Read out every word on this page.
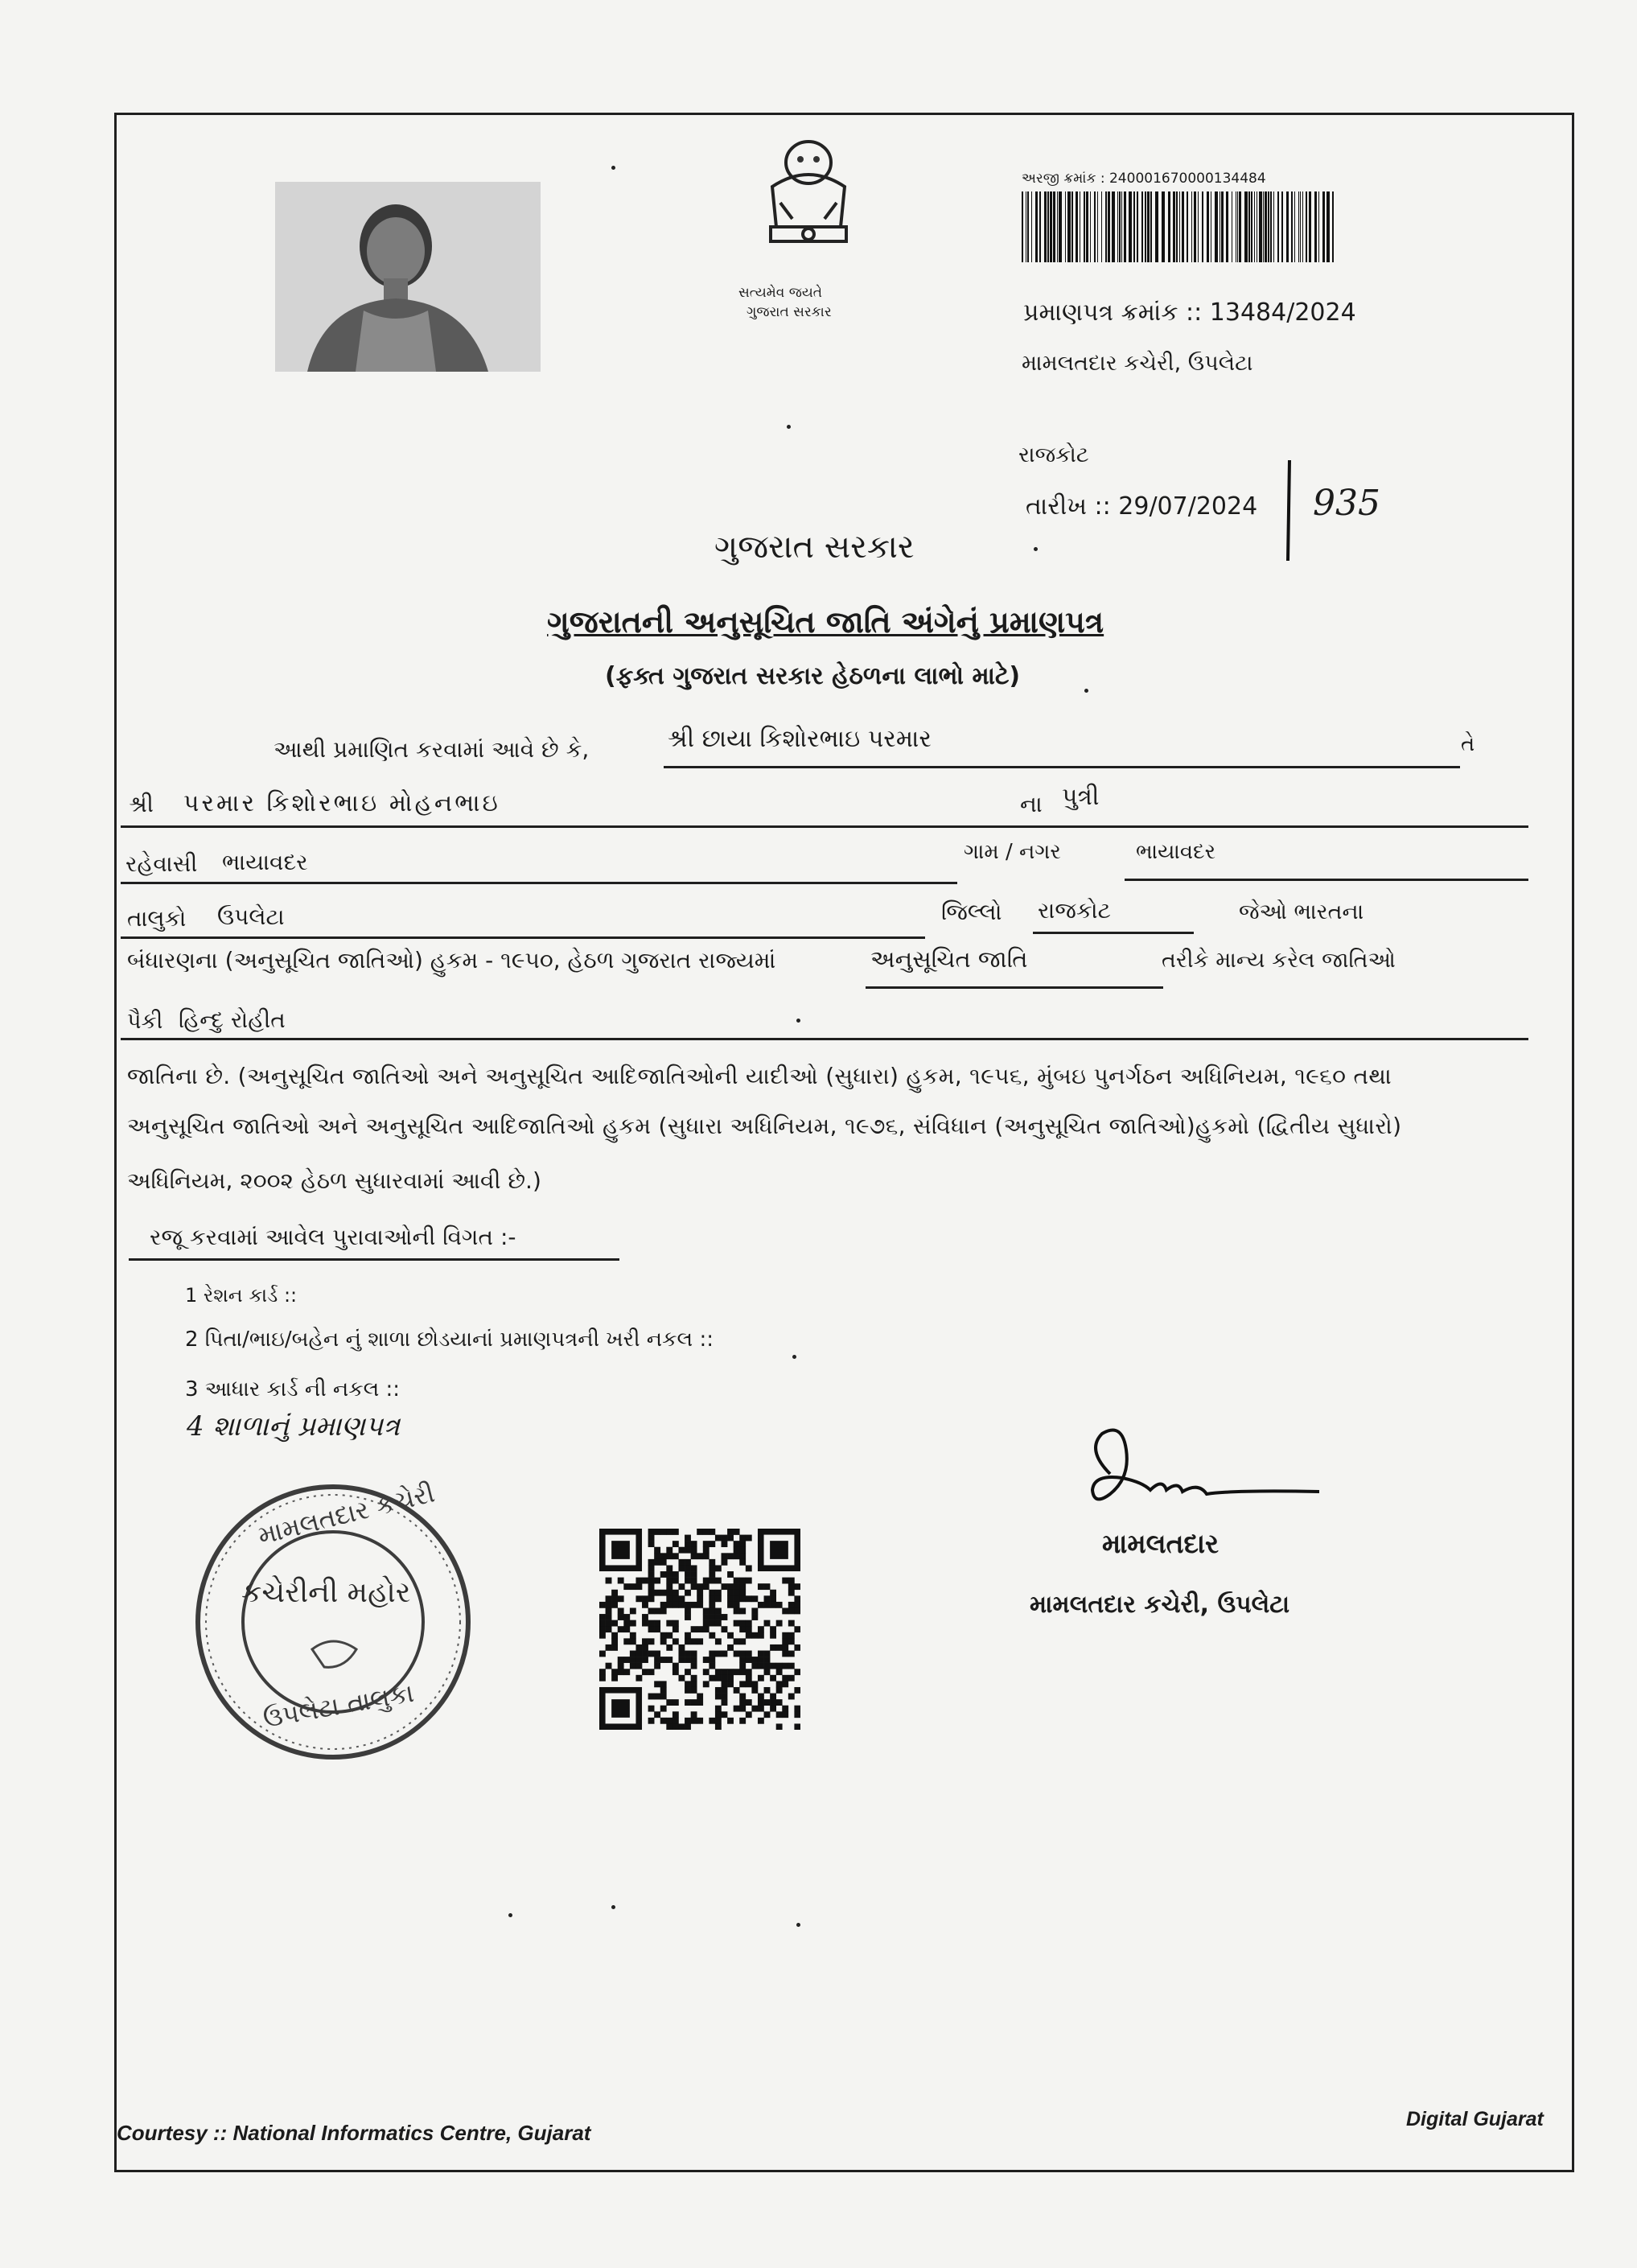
સત્યમેવ જયતે
ગુજરાત સરકાર
અરજી ક્રમાંક : 240001670000134484
પ્રમાણપત્ર ક્રમાંક :: 13484/2024
મામલતદાર કચેરી, ઉપલેટા
રાજકોટ
તારીખ :: 29/07/2024 935
ગુજરાત સરકાર
ગુજરાતની અનુસૂચિત જાતિ અંગેનું પ્રમાણપત્ર
(ફક્ત ગુજરાત સરકાર હેઠળના લાભો માટે)
આથી પ્રમાણિત કરવામાં આવે છે કે,	શ્રી છાયા કિશોરભાઇ પરમાર	તે
શ્રી પરમાર કિશોરભાઇ મોહનભાઇ	ના પુત્રી
રહેવાસી ભાયાવદર	ગામ / નગર	ભાયાવદર
તાલુકો ઉપલેટા	જિલ્લો રાજકોટ	જેઓ ભારતના
બંધારણના (અનુસૂચિત જાતિઓ) હુકમ - ૧૯૫૦, હેઠળ ગુજરાત રાજ્યમાં	અનુસૂચિત જાતિ	તરીકે માન્ય કરેલ જાતિઓ
પૈકી હિન્દુ રોહીત
જાતિના છે. (અનુસૂચિત જાતિઓ અને અનુસૂચિત આદિજાતિઓની યાદીઓ (સુધારા) હુકમ, ૧૯૫૬, મુંબઇ પુનર્ગઠન અધિનિયમ, ૧૯૬૦ તથા
અનુસૂચિત જાતિઓ અને અનુસૂચિત આદિજાતિઓ હુકમ (સુધારા અધિનિયમ, ૧૯૭૬, સંવિધાન (અનુસૂચિત જાતિઓ)હુકમો (દ્વિતીય સુધારો)
અધિનિયમ, ૨૦૦૨ હેઠળ સુધારવામાં આવી છે.)
રજૂ કરવામાં આવેલ પુરાવાઓની વિગત :-
1 રેશન કાર્ડ ::
2 પિતા/ભાઇ/બહેન નું શાળા છોડયાનાં પ્રમાણપત્રની ખરી નકલ ::
3 આધાર કાર્ડ ની નકલ ::
4 શાળાનું પ્રમાણપત્ર
મામલતદાર કચેરી
કચેરીની મહોર
ઉપલેટા તાલુકા
મામલતદાર
મામલતદાર કચેરી, ઉપલેટા
Courtesy :: National Informatics Centre, Gujarat
Digital Gujarat
